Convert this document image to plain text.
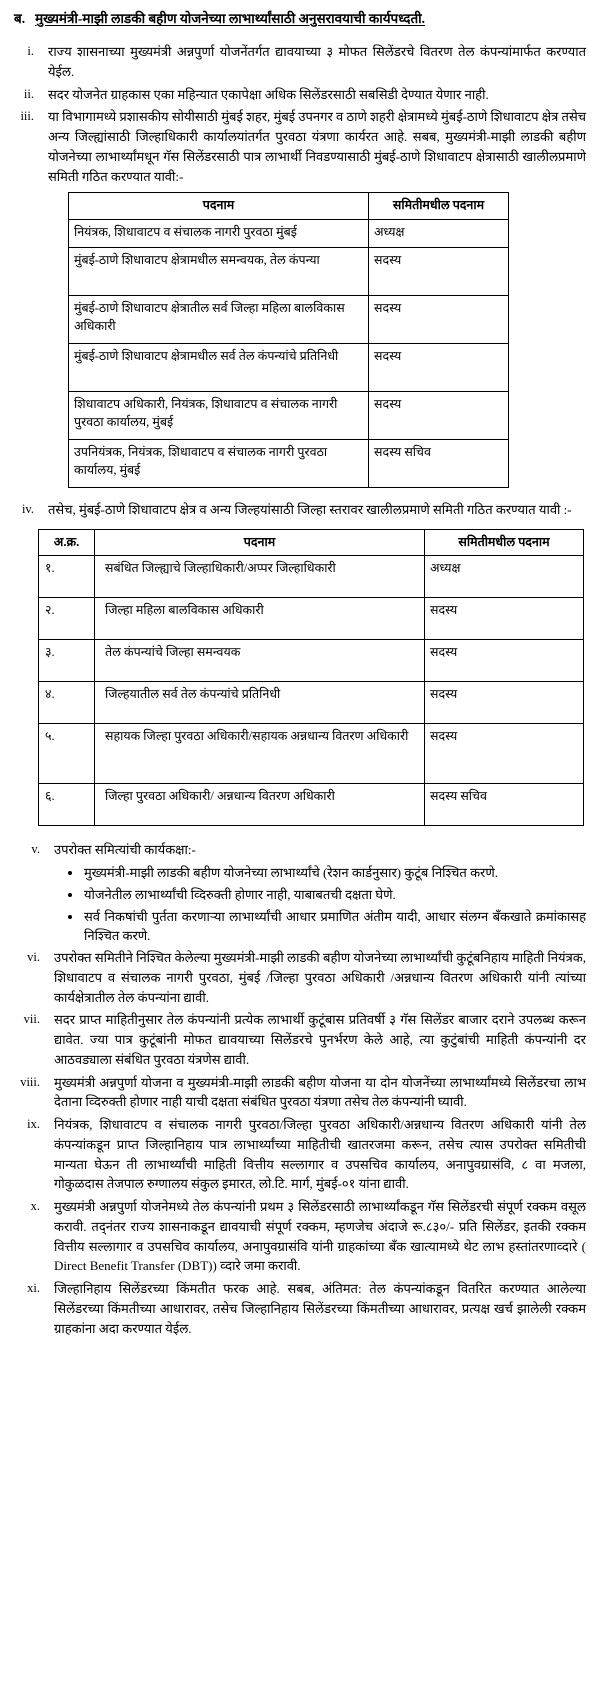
ब. मुख्यमंत्री-माझी लाडकी बहीण योजनेच्या लाभार्थ्यांसाठी अनुसरावयाची कार्यपध्दती.
i.	राज्य शासनाच्या मुख्यमंत्री अन्नपुर्णा योजनेंतर्गत द्यावयाच्या ३ मोफत सिलेंडरचे वितरण तेल कंपन्यांमार्फत करण्यात येईल.
ii.	सदर योजनेत ग्राहकास एका महिन्यात एकापेक्षा अधिक सिलेंडरसाठी सबसिडी देण्यात येणार नाही.
iii.	या विभागामध्ये प्रशासकीय सोयीसाठी मुंबई शहर, मुंबई उपनगर व ठाणे शहरी क्षेत्रामध्ये मुंबई-ठाणे शिधावाटप क्षेत्र तसेच अन्य जिल्ह्यांसाठी जिल्हाधिकारी कार्यालयांतर्गत पुरवठा यंत्रणा कार्यरत आहे. सबब, मुख्यमंत्री-माझी लाडकी बहीण योजनेच्या लाभार्थ्यांमधून गॅस सिलेंडरसाठी पात्र लाभार्थी निवडण्यासाठी मुंबई-ठाणे शिधावाटप क्षेत्रासाठी खालीलप्रमाणे समिती गठित करण्यात यावी:-
पदनाम	समितीमधील पदनाम
नियंत्रक, शिधावाटप व संचालक नागरी पुरवठा मुंबई	अध्यक्ष
मुंबई-ठाणे शिधावाटप क्षेत्रामधील समन्वयक, तेल कंपन्या	सदस्य
मुंबई-ठाणे शिधावाटप क्षेत्रातील सर्व जिल्हा महिला बालविकास अधिकारी	सदस्य
मुंबई-ठाणे शिधावाटप क्षेत्रामधील सर्व तेल कंपन्यांचे प्रतिनिधी	सदस्य
शिधावाटप अधिकारी, नियंत्रक, शिधावाटप व संचालक नागरी पुरवठा कार्यालय, मुंबई	सदस्य
उपनियंत्रक, नियंत्रक, शिधावाटप व संचालक नागरी पुरवठा कार्यालय, मुंबई	सदस्य सचिव
iv.	तसेच, मुंबई-ठाणे शिधावाटप क्षेत्र व अन्य जिल्हयांसाठी जिल्हा स्तरावर खालीलप्रमाणे समिती गठित करण्यात यावी :-
अ.क्र.	पदनाम	समितीमधील पदनाम
१.	सबंधित जिल्ह्याचे जिल्हाधिकारी/अप्पर जिल्हाधिकारी	अध्यक्ष
२.	जिल्हा महिला बालविकास अधिकारी	सदस्य
३.	तेल कंपन्यांचे जिल्हा समन्वयक	सदस्य
४.	जिल्हयातील सर्व तेल कंपन्यांचे प्रतिनिधी	सदस्य
५.	सहायक जिल्हा पुरवठा अधिकारी/सहायक अन्नधान्य वितरण अधिकारी	सदस्य
६.	जिल्हा पुरवठा अधिकारी/ अन्नधान्य वितरण अधिकारी	सदस्य सचिव
v.	उपरोक्त समित्यांची कार्यकक्षा:-
मुख्यमंत्री-माझी लाडकी बहीण योजनेच्या लाभार्थ्यांचे (रेशन कार्डनुसार) कुटूंब निश्चित करणे.
योजनेतील लाभार्थ्यांची व्दिरुक्ती होणार नाही, याबाबतची दक्षता घेणे.
सर्व निकषांची पुर्तता करणाऱ्या लाभार्थ्यांची आधार प्रमाणित अंतीम यादी, आधार संलग्न बँकखाते क्रमांकासह निश्चित करणे.
vi.	उपरोक्त समितीने निश्चित केलेल्या मुख्यमंत्री-माझी लाडकी बहीण योजनेच्या लाभार्थ्यांची कुटूंबनिहाय माहिती नियंत्रक, शिधावाटप व संचालक नागरी पुरवठा, मुंबई /जिल्हा पुरवठा अधिकारी /अन्नधान्य वितरण अधिकारी यांनी त्यांच्या कार्यक्षेत्रातील तेल कंपन्यांना द्यावी.
vii.	सदर प्राप्त माहितीनुसार तेल कंपन्यांनी प्रत्येक लाभार्थी कुटूंबास प्रतिवर्षी ३ गॅस सिलेंडर बाजार दराने उपलब्ध करून द्यावेत. ज्या पात्र कुटूंबांनी मोफत द्यावयाच्या सिलेंडरचे पुनर्भरण केले आहे, त्या कुटुंबांची माहिती कंपन्यांनी दर आठवड्याला संबंधित पुरवठा यंत्रणेस द्यावी.
viii.	मुख्यमंत्री अन्नपुर्णा योजना व मुख्यमंत्री-माझी लाडकी बहीण योजना या दोन योजनेंच्या लाभार्थ्यांमध्ये सिलेंडरचा लाभ देताना व्दिरुक्ती होणार नाही याची दक्षता संबंधित पुरवठा यंत्रणा तसेच तेल कंपन्यांनी घ्यावी.
ix.	नियंत्रक, शिधावाटप व संचालक नागरी पुरवठा/जिल्हा पुरवठा अधिकारी/अन्नधान्य वितरण अधिकारी यांनी तेल कंपन्यांकडून प्राप्त जिल्हानिहाय पात्र लाभार्थ्यांच्या माहितीची खातरजमा करून, तसेच त्यास उपरोक्त समितीची मान्यता घेऊन ती लाभार्थ्यांची माहिती वित्तीय सल्लागार व उपसचिव कार्यालय, अनापुवग्रासंवि, ८ वा मजला, गोकुळदास तेजपाल रुग्णालय संकुल इमारत, लो.टि. मार्ग, मुंबई-०१ यांना द्यावी.
x.	मुख्यमंत्री अन्नपुर्णा योजनेमध्ये तेल कंपन्यांनी प्रथम ३ सिलेंडरसाठी लाभार्थ्यांकडून गॅस सिलेंडरची संपूर्ण रक्कम वसूल करावी. तद्नंतर राज्य शासनाकडून द्यावयाची संपूर्ण रक्कम, म्हणजेच अंदाजे रू.८३०/- प्रति सिलेंडर, इतकी रक्कम वित्तीय सल्लागार व उपसचिव कार्यालय, अनापुवग्रासंवि यांनी ग्राहकांच्या बँक खात्यामध्ये थेट लाभ हस्तांतरणाव्दारे ( Direct Benefit Transfer (DBT)) व्दारे जमा करावी.
xi.	जिल्हानिहाय सिलेंडरच्या किंमतीत फरक आहे. सबब, अंतिमत: तेल कंपन्यांकडून वितरित करण्यात आलेल्या सिलेंडरच्या किंमतीच्या आधारावर, तसेच जिल्हानिहाय सिलेंडरच्या किंमतीच्या आधारावर, प्रत्यक्ष खर्च झालेली रक्कम ग्राहकांना अदा करण्यात येईल.
